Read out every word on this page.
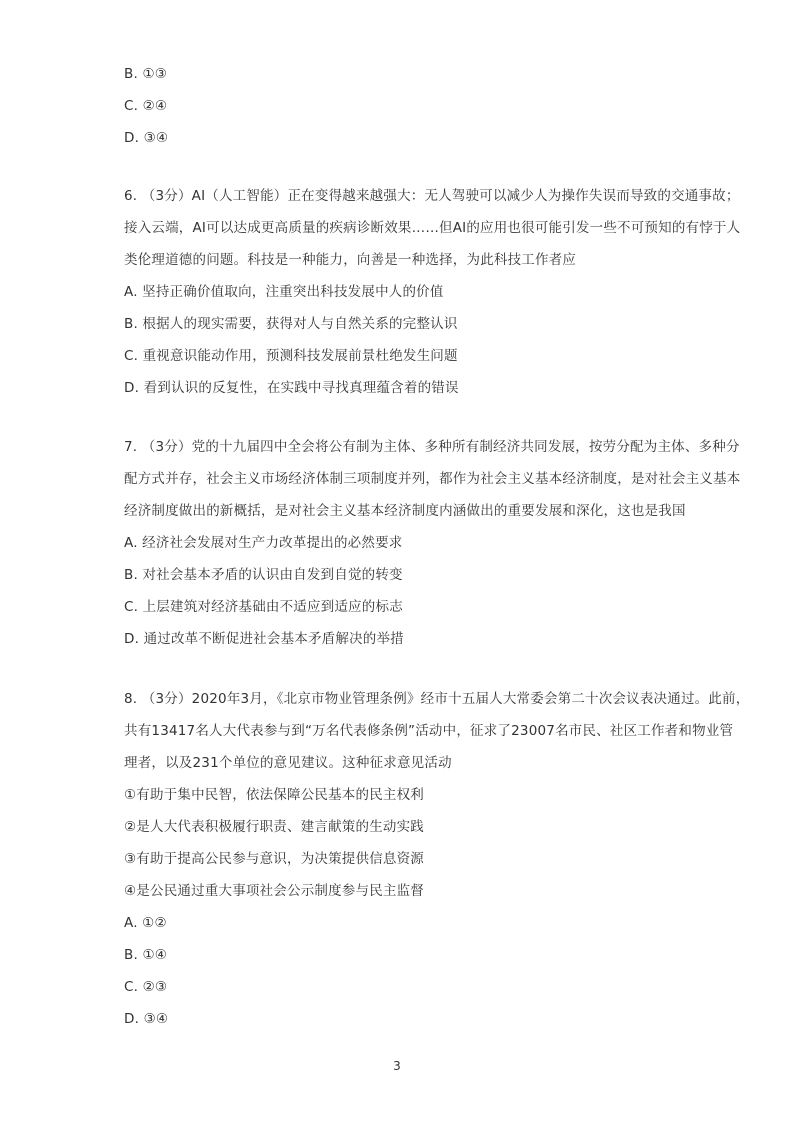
B. ①③
C. ②④
D. ③④
6. （3分）AI（人工智能）正在变得越来越强大：无人驾驶可以减少人为操作失误而导致的交通事故；
接入云端，AI可以达成更高质量的疾病诊断效果……但AI的应用也很可能引发一些不可预知的有悖于人
类伦理道德的问题。科技是一种能力，向善是一种选择，为此科技工作者应
A. 坚持正确价值取向，注重突出科技发展中人的价值
B. 根据人的现实需要，获得对人与自然关系的完整认识
C. 重视意识能动作用，预测科技发展前景杜绝发生问题
D. 看到认识的反复性，在实践中寻找真理蕴含着的错误
7. （3分）党的十九届四中全会将公有制为主体、多种所有制经济共同发展，按劳分配为主体、多种分
配方式并存，社会主义市场经济体制三项制度并列，都作为社会主义基本经济制度，是对社会主义基本
经济制度做出的新概括，是对社会主义基本经济制度内涵做出的重要发展和深化，这也是我国
A. 经济社会发展对生产力改革提出的必然要求
B. 对社会基本矛盾的认识由自发到自觉的转变
C. 上层建筑对经济基础由不适应到适应的标志
D. 通过改革不断促进社会基本矛盾解决的举措
8. （3分）2020年3月，《北京市物业管理条例》经市十五届人大常委会第二十次会议表决通过。此前，
共有13417名人大代表参与到“万名代表修条例”活动中，征求了23007名市民、社区工作者和物业管
理者，以及231个单位的意见建议。这种征求意见活动
①有助于集中民智，依法保障公民基本的民主权利
②是人大代表积极履行职责、建言献策的生动实践
③有助于提高公民参与意识，为决策提供信息资源
④是公民通过重大事项社会公示制度参与民主监督
A. ①②
B. ①④
C. ②③
D. ③④
3
